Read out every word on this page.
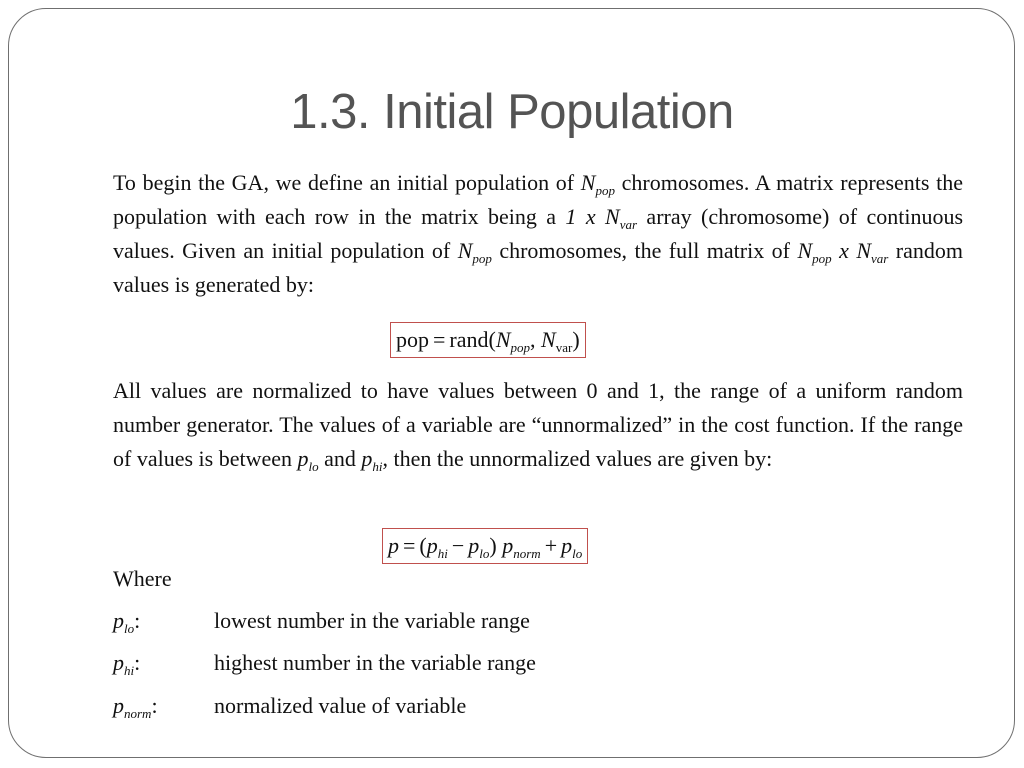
1.3. Initial Population

To begin the GA, we define an initial population of $N_{pop}$ chromosomes. A matrix represents the population with each row in the matrix being a 1 x $N_{var}$ array (chromosome) of continuous values. Given an initial population of $N_{pop}$ chromosomes, the full matrix of $N_{pop}$ x $N_{var}$ random values is generated by:

pop = $rand(N_{pop}$, $N_{var}$)

All values are normalized to have values between 0 and 1, the range of a uniform random number generator. The values of a variable are “unnormalized” in the cost function. If the range of values is between $p_{lo}$ and $p_{hi}$, then the unnormalized values are given by:

$p = (p_{hi} - p_{lo}) p_{norm} + p_{lo}$
Where
$p_{lo}$:	lowest number in the variable range
$p_{hi}$:	highest number in the variable range
$p_{norm}$:	normalized value of variable
